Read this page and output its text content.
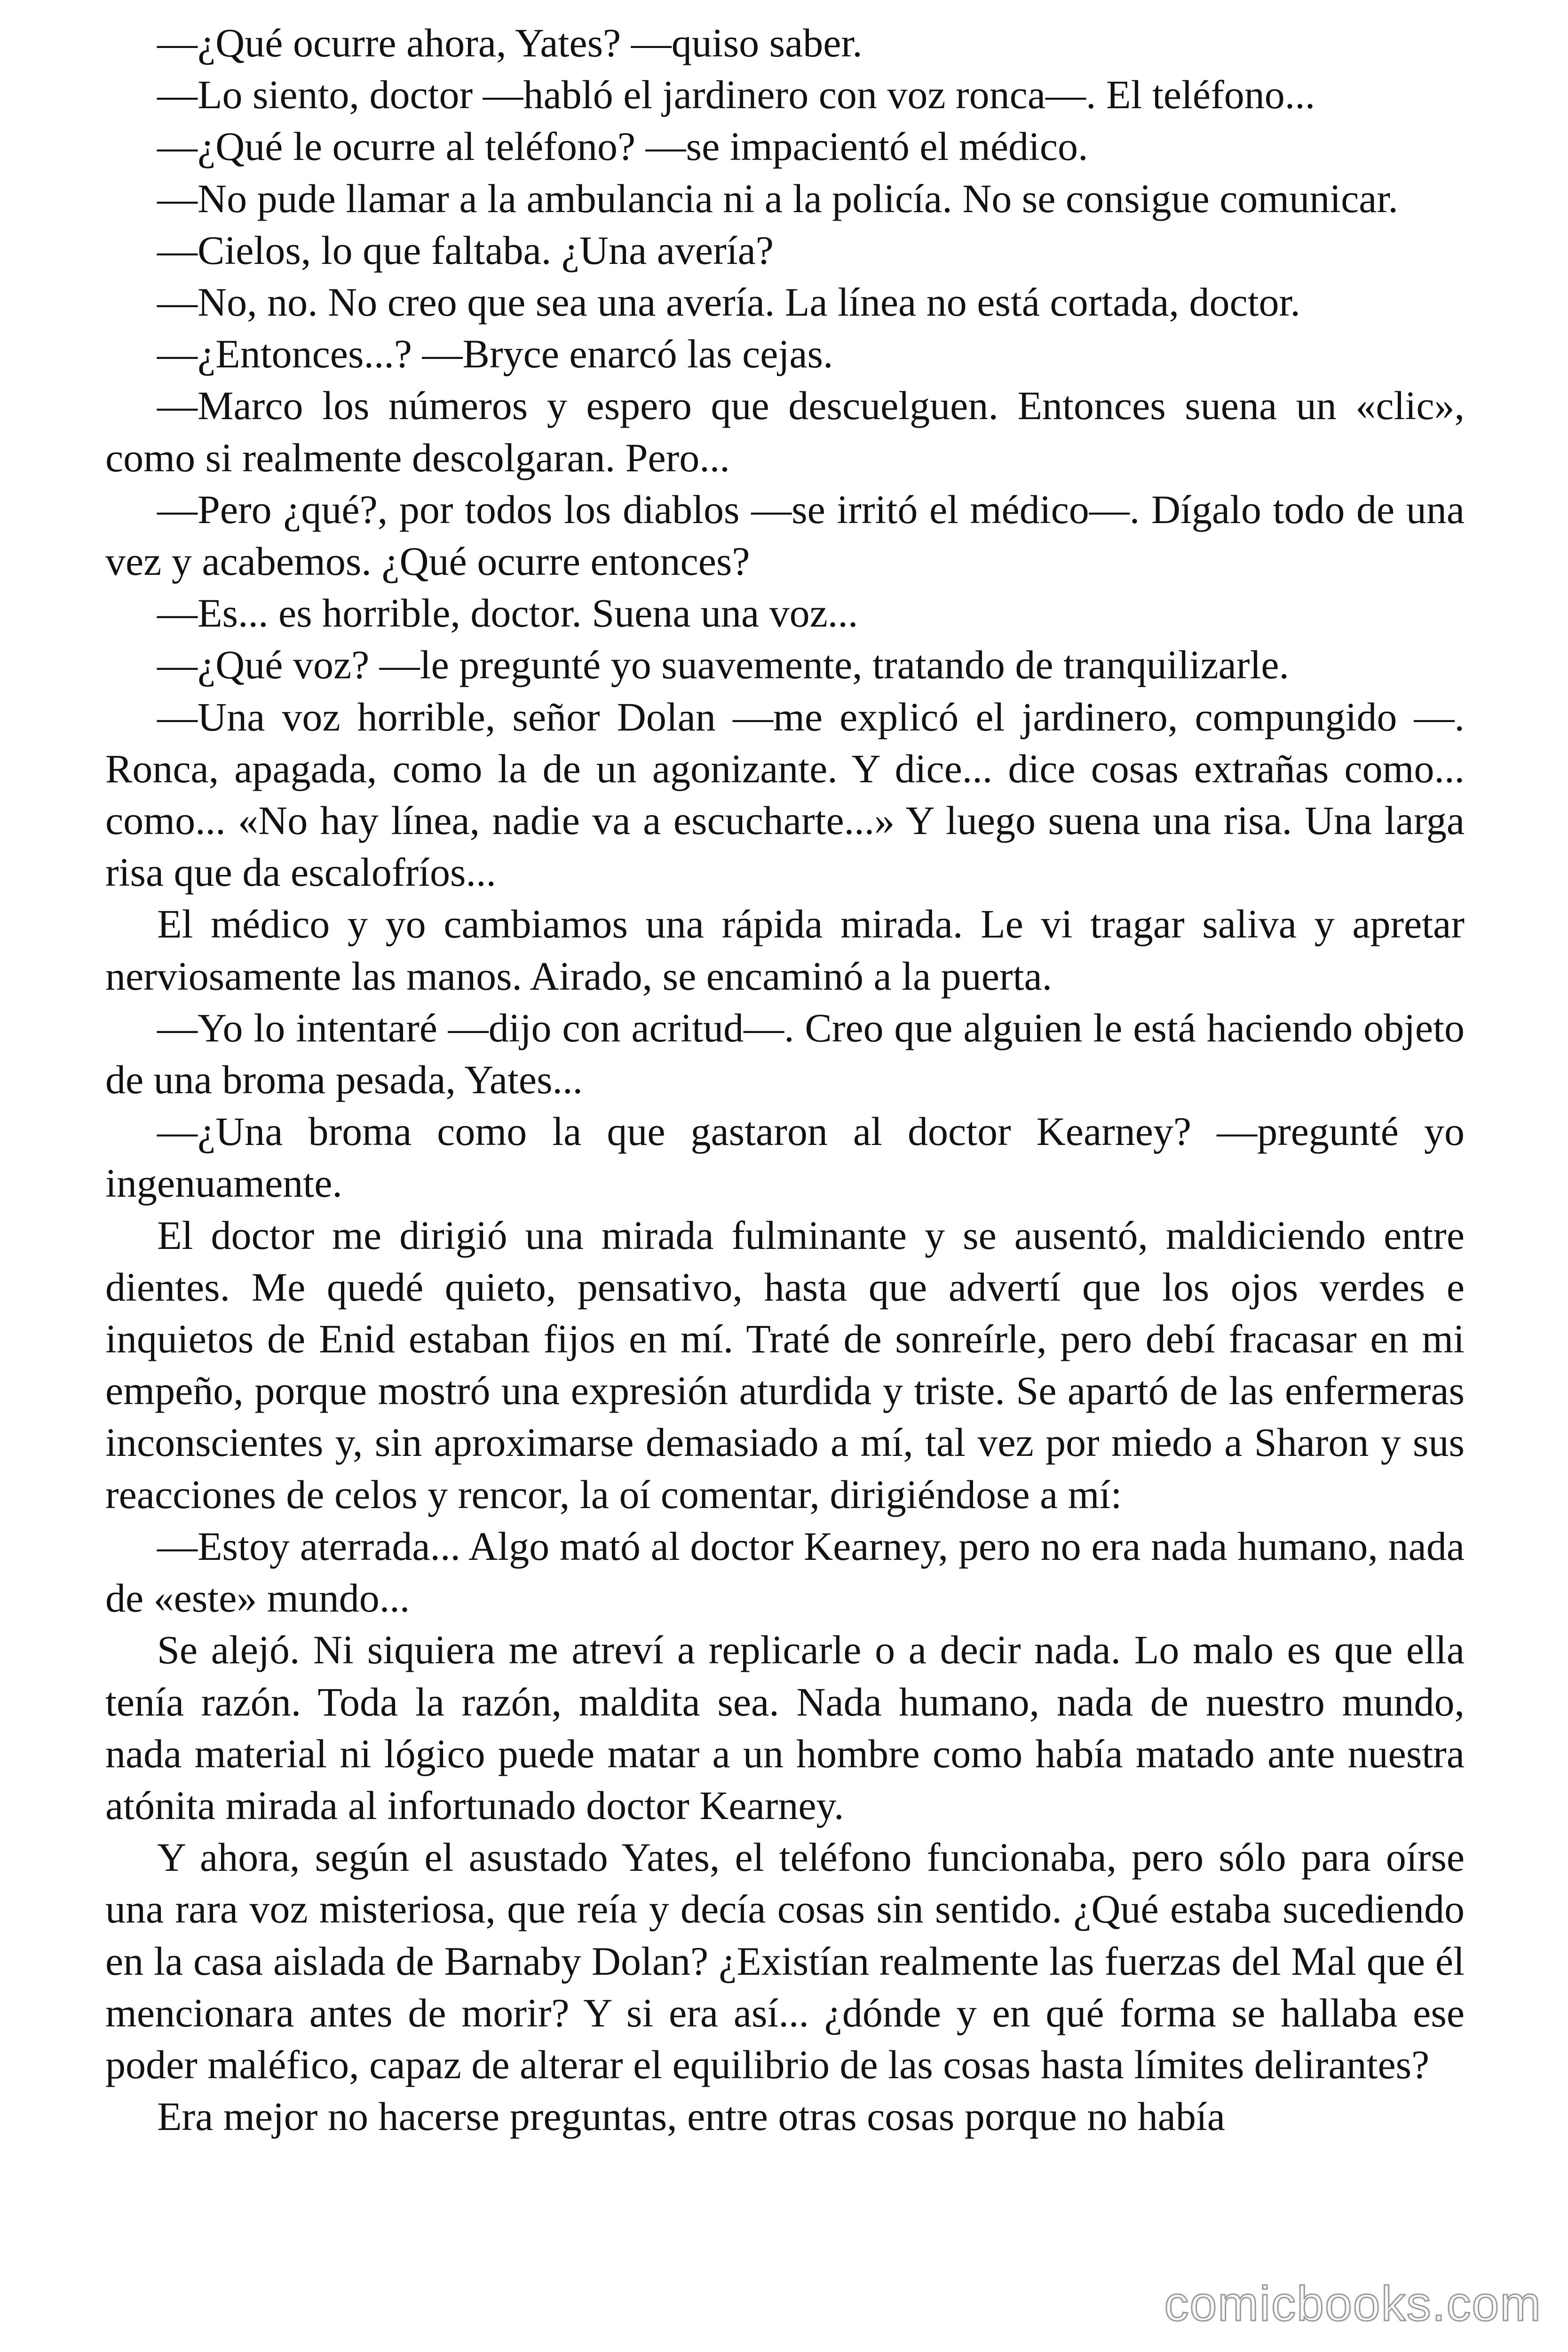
—¿Qué ocurre ahora, Yates? —quiso saber.

—Lo siento, doctor —habló el jardinero con voz ronca—. El teléfono...

—¿Qué le ocurre al teléfono? —se impacientó el médico.

—No pude llamar a la ambulancia ni a la policía. No se consigue comunicar.

—Cielos, lo que faltaba. ¿Una avería?

—No, no. No creo que sea una avería. La línea no está cortada, doctor.

—¿Entonces...? —Bryce enarcó las cejas.

—Marco los números y espero que descuelguen. Entonces suena un «clic», como si realmente descolgaran. Pero...

—Pero ¿qué?, por todos los diablos —se irritó el médico—. Dígalo todo de una vez y acabemos. ¿Qué ocurre entonces?

—Es... es horrible, doctor. Suena una voz...

—¿Qué voz? —le pregunté yo suavemente, tratando de tranquilizarle.

—Una voz horrible, señor Dolan —me explicó el jardinero, compungido —. Ronca, apagada, como la de un agonizante. Y dice... dice cosas extrañas como... como... «No hay línea, nadie va a escucharte...» Y luego suena una risa. Una larga risa que da escalofríos...

El médico y yo cambiamos una rápida mirada. Le vi tragar saliva y apretar nerviosamente las manos. Airado, se encaminó a la puerta.

—Yo lo intentaré —dijo con acritud—. Creo que alguien le está haciendo objeto de una broma pesada, Yates...

—¿Una broma como la que gastaron al doctor Kearney? —pregunté yo ingenuamente.

El doctor me dirigió una mirada fulminante y se ausentó, maldiciendo entre dientes. Me quedé quieto, pensativo, hasta que advertí que los ojos verdes e inquietos de Enid estaban fijos en mí. Traté de sonreírle, pero debí fracasar en mi empeño, porque mostró una expresión aturdida y triste. Se apartó de las enfermeras inconscientes y, sin aproximarse demasiado a mí, tal vez por miedo a Sharon y sus reacciones de celos y rencor, la oí comentar, dirigiéndose a mí:

—Estoy aterrada... Algo mató al doctor Kearney, pero no era nada humano, nada de «este» mundo...

Se alejó. Ni siquiera me atreví a replicarle o a decir nada. Lo malo es que ella tenía razón. Toda la razón, maldita sea. Nada humano, nada de nuestro mundo, nada material ni lógico puede matar a un hombre como había matado ante nuestra atónita mirada al infortunado doctor Kearney.

Y ahora, según el asustado Yates, el teléfono funcionaba, pero sólo para oírse una rara voz misteriosa, que reía y decía cosas sin sentido. ¿Qué estaba sucediendo en la casa aislada de Barnaby Dolan? ¿Existían realmente las fuerzas del Mal que él mencionara antes de morir? Y si era así... ¿dónde y en qué forma se hallaba ese poder maléfico, capaz de alterar el equilibrio de las cosas hasta límites delirantes?

Era mejor no hacerse preguntas, entre otras cosas porque no había

comicbooks.com
